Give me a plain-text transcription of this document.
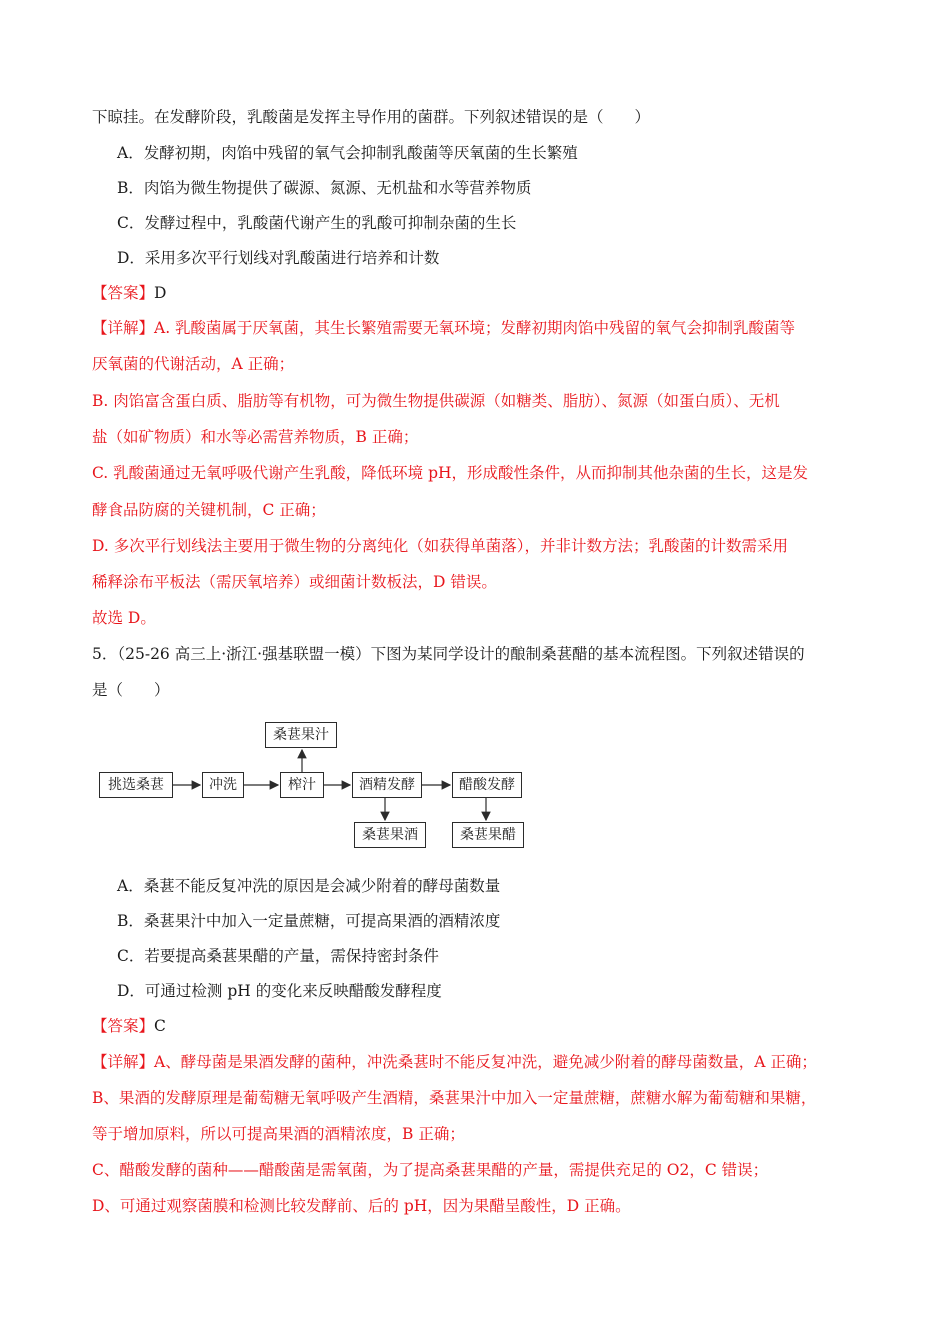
下晾挂。在发酵阶段，乳酸菌是发挥主导作用的菌群。下列叙述错误的是（　　）
A．发酵初期，肉馅中残留的氧气会抑制乳酸菌等厌氧菌的生长繁殖
B．肉馅为微生物提供了碳源、氮源、无机盐和水等营养物质
C．发酵过程中，乳酸菌代谢产生的乳酸可抑制杂菌的生长
D．采用多次平行划线对乳酸菌进行培养和计数
【答案】D
【详解】A. 乳酸菌属于厌氧菌，其生长繁殖需要无氧环境；发酵初期肉馅中残留的氧气会抑制乳酸菌等
厌氧菌的代谢活动，A 正确；
B. 肉馅富含蛋白质、脂肪等有机物，可为微生物提供碳源（如糖类、脂肪）、氮源（如蛋白质）、无机
盐（如矿物质）和水等必需营养物质，B 正确；
C. 乳酸菌通过无氧呼吸代谢产生乳酸，降低环境 pH，形成酸性条件，从而抑制其他杂菌的生长，这是发
酵食品防腐的关键机制，C 正确；
D. 多次平行划线法主要用于微生物的分离纯化（如获得单菌落），并非计数方法；乳酸菌的计数需采用
稀释涂布平板法（需厌氧培养）或细菌计数板法，D 错误。
故选 D。
5．（25-26 高三上·浙江·强基联盟一模）下图为某同学设计的酿制桑葚醋的基本流程图。下列叙述错误的
是（　　）
桑葚果汁
挑选桑葚	冲洗	榨汁	酒精发酵	醋酸发酵
桑葚果酒	桑葚果醋
A．桑葚不能反复冲洗的原因是会减少附着的酵母菌数量
B．桑葚果汁中加入一定量蔗糖，可提高果酒的酒精浓度
C．若要提高桑葚果醋的产量，需保持密封条件
D．可通过检测 pH 的变化来反映醋酸发酵程度
【答案】C
【详解】A、酵母菌是果酒发酵的菌种，冲洗桑葚时不能反复冲洗，避免减少附着的酵母菌数量，A 正确；
B、果酒的发酵原理是葡萄糖无氧呼吸产生酒精，桑葚果汁中加入一定量蔗糖，蔗糖水解为葡萄糖和果糖，
等于增加原料，所以可提高果酒的酒精浓度，B 正确；
C、醋酸发酵的菌种——醋酸菌是需氧菌，为了提高桑葚果醋的产量，需提供充足的 O2，C 错误；
D、可通过观察菌膜和检测比较发酵前、后的 pH，因为果醋呈酸性，D 正确。
